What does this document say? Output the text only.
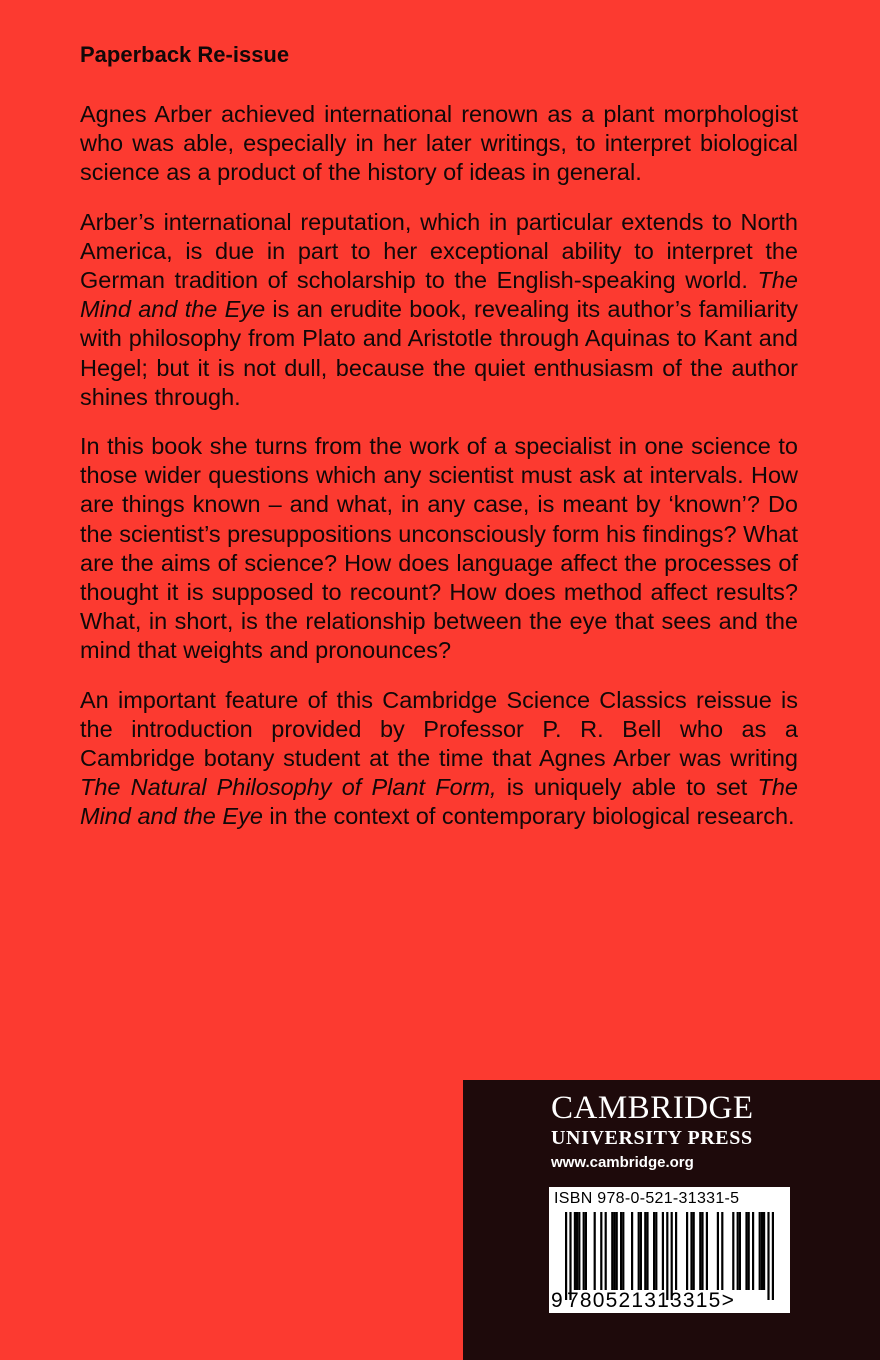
Paperback Re-issue

Agnes Arber achieved international renown as a plant morphologist who was able, especially in her later writings, to interpret biological science as a product of the history of ideas in general.

Arber’s international reputation, which in particular extends to North America, is due in part to her exceptional ability to interpret the German tradition of scholarship to the English-speaking world. The Mind and the Eye is an erudite book, revealing its author’s familiarity with philosophy from Plato and Aristotle through Aquinas to Kant and Hegel; but it is not dull, because the quiet enthusiasm of the author shines through.

In this book she turns from the work of a specialist in one science to those wider questions which any scientist must ask at intervals. How are things known – and what, in any case, is meant by ‘known’? Do the scientist’s presuppositions unconsciously form his findings? What are the aims of science? How does language affect the processes of thought it is supposed to recount? How does method affect results? What, in short, is the relationship between the eye that sees and the mind that weights and pronounces?

An important feature of this Cambridge Science Classics reissue is the introduction provided by Professor P. R. Bell who as a Cambridge botany student at the time that Agnes Arber was writing The Natural Philosophy of Plant Form, is uniquely able to set The Mind and the Eye in the context of contemporary biological research.

CAMBRIDGE
UNIVERSITY PRESS
www.cambridge.org
ISBN 978-0-521-31331-5
9 780521313315>
